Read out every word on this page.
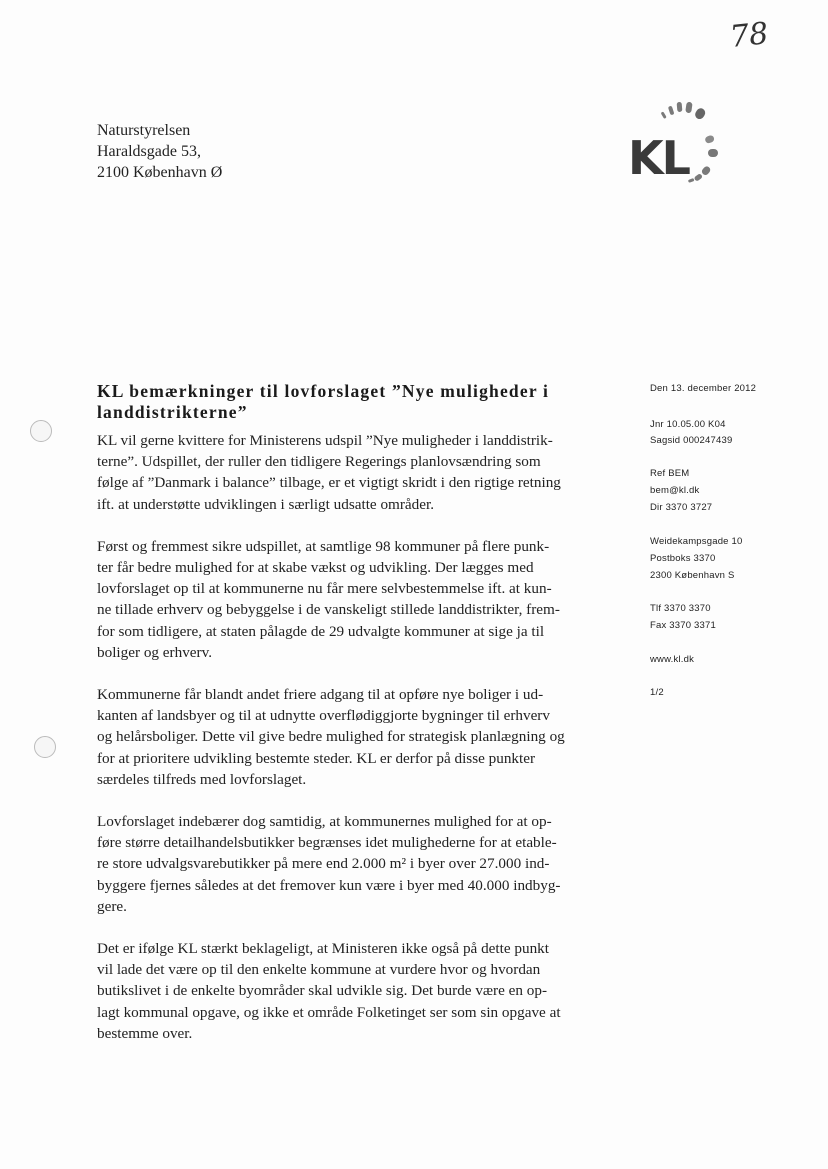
78
Naturstyrelsen
Haraldsgade 53,
2100 København Ø	KL
KL bemærkninger til lovforslaget ”Nye muligheder i
landdistrikterne”
KL vil gerne kvittere for Ministerens udspil ”Nye muligheder i landdistrik-
terne”. Udspillet, der ruller den tidligere Regerings planlovsændring som
følge af ”Danmark i balance” tilbage, er et vigtigt skridt i den rigtige retning
ift. at understøtte udviklingen i særligt udsatte områder.
Først og fremmest sikre udspillet, at samtlige 98 kommuner på flere punk-
ter får bedre mulighed for at skabe vækst og udvikling. Der lægges med
lovforslaget op til at kommunerne nu får mere selvbestemmelse ift. at kun-
ne tillade erhverv og bebyggelse i de vanskeligt stillede landdistrikter, frem-
for som tidligere, at staten pålagde de 29 udvalgte kommuner at sige ja til
boliger og erhverv.
Kommunerne får blandt andet friere adgang til at opføre nye boliger i ud-
kanten af landsbyer og til at udnytte overflødiggjorte bygninger til erhverv
og helårsboliger. Dette vil give bedre mulighed for strategisk planlægning og
for at prioritere udvikling bestemte steder. KL er derfor på disse punkter
særdeles tilfreds med lovforslaget.
Lovforslaget indebærer dog samtidig, at kommunernes mulighed for at op-
føre større detailhandelsbutikker begrænses idet mulighederne for at etable-
re store udvalgsvarebutikker på mere end 2.000 m² i byer over 27.000 ind-
byggere fjernes således at det fremover kun være i byer med 40.000 indbyg-
gere.
Det er ifølge KL stærkt beklageligt, at Ministeren ikke også på dette punkt
vil lade det være op til den enkelte kommune at vurdere hvor og hvordan
butikslivet i de enkelte byområder skal udvikle sig. Det burde være en op-
lagt kommunal opgave, og ikke et område Folketinget ser som sin opgave at
bestemme over.
Den 13. december 2012
Jnr 10.05.00 K04
Sagsid 000247439
Ref BEM
bem@kl.dk
Dir 3370 3727
Weidekampsgade 10
Postboks 3370
2300 København S
Tlf 3370 3370
Fax 3370 3371
www.kl.dk
1/2
